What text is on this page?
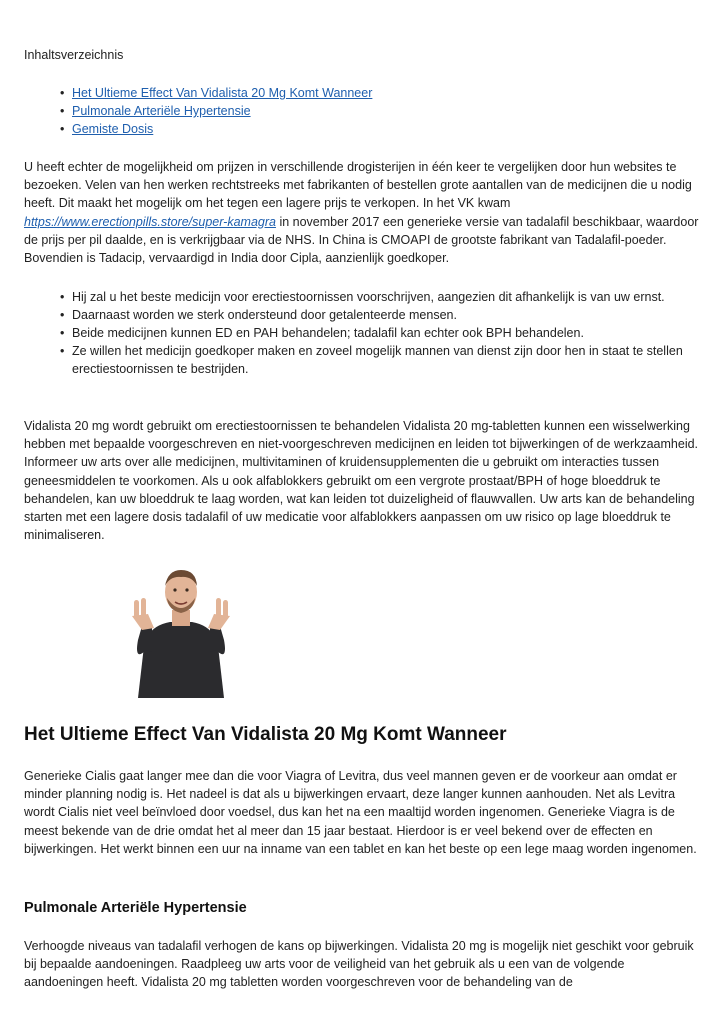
Inhaltsverzeichnis

• Het Ultieme Effect Van Vidalista 20 Mg Komt Wanneer
• Pulmonale Arteriële Hypertensie
• Gemiste Dosis

U heeft echter de mogelijkheid om prijzen in verschillende drogisterijen in één keer te vergelijken door hun websites te bezoeken. Velen van hen werken rechtstreeks met fabrikanten of bestellen grote aantallen van de medicijnen die u nodig heeft. Dit maakt het mogelijk om het tegen een lagere prijs te verkopen. In het VK kwam https://www.erectionpills.store/super-kamagra in november 2017 een generieke versie van tadalafil beschikbaar, waardoor de prijs per pil daalde, en is verkrijgbaar via de NHS. In China is CMOAPI de grootste fabrikant van Tadalafil-poeder. Bovendien is Tadacip, vervaardigd in India door Cipla, aanzienlijk goedkoper.

• Hij zal u het beste medicijn voor erectiestoornissen voorschrijven, aangezien dit afhankelijk is van uw ernst.
• Daarnaast worden we sterk ondersteund door getalenteerde mensen.
• Beide medicijnen kunnen ED en PAH behandelen; tadalafil kan echter ook BPH behandelen.
• Ze willen het medicijn goedkoper maken en zoveel mogelijk mannen van dienst zijn door hen in staat te stellen erectiestoornissen te bestrijden.

Vidalista 20 mg wordt gebruikt om erectiestoornissen te behandelen Vidalista 20 mg-tabletten kunnen een wisselwerking hebben met bepaalde voorgeschreven en niet-voorgeschreven medicijnen en leiden tot bijwerkingen of de werkzaamheid. Informeer uw arts over alle medicijnen, multivitaminen of kruidensupplementen die u gebruikt om interacties tussen geneesmiddelen te voorkomen. Als u ook alfablokkers gebruikt om een vergrote prostaat/BPH of hoge bloeddruk te behandelen, kan uw bloeddruk te laag worden, wat kan leiden tot duizeligheid of flauwvallen. Uw arts kan de behandeling starten met een lagere dosis tadalafil of uw medicatie voor alfablokkers aanpassen om uw risico op lage bloeddruk te minimaliseren.

Het Ultieme Effect Van Vidalista 20 Mg Komt Wanneer

Generieke Cialis gaat langer mee dan die voor Viagra of Levitra, dus veel mannen geven er de voorkeur aan omdat er minder planning nodig is. Het nadeel is dat als u bijwerkingen ervaart, deze langer kunnen aanhouden. Net als Levitra wordt Cialis niet veel beïnvloed door voedsel, dus kan het na een maaltijd worden ingenomen. Generieke Viagra is de meest bekende van de drie omdat het al meer dan 15 jaar bestaat. Hierdoor is er veel bekend over de effecten en bijwerkingen. Het werkt binnen een uur na inname van een tablet en kan het beste op een lege maag worden ingenomen.

Pulmonale Arteriële Hypertensie

Verhoogde niveaus van tadalafil verhogen de kans op bijwerkingen. Vidalista 20 mg is mogelijk niet geschikt voor gebruik bij bepaalde aandoeningen. Raadpleeg uw arts voor de veiligheid van het gebruik als u een van de volgende aandoeningen heeft. Vidalista 20 mg tabletten worden voorgeschreven voor de behandeling van de
